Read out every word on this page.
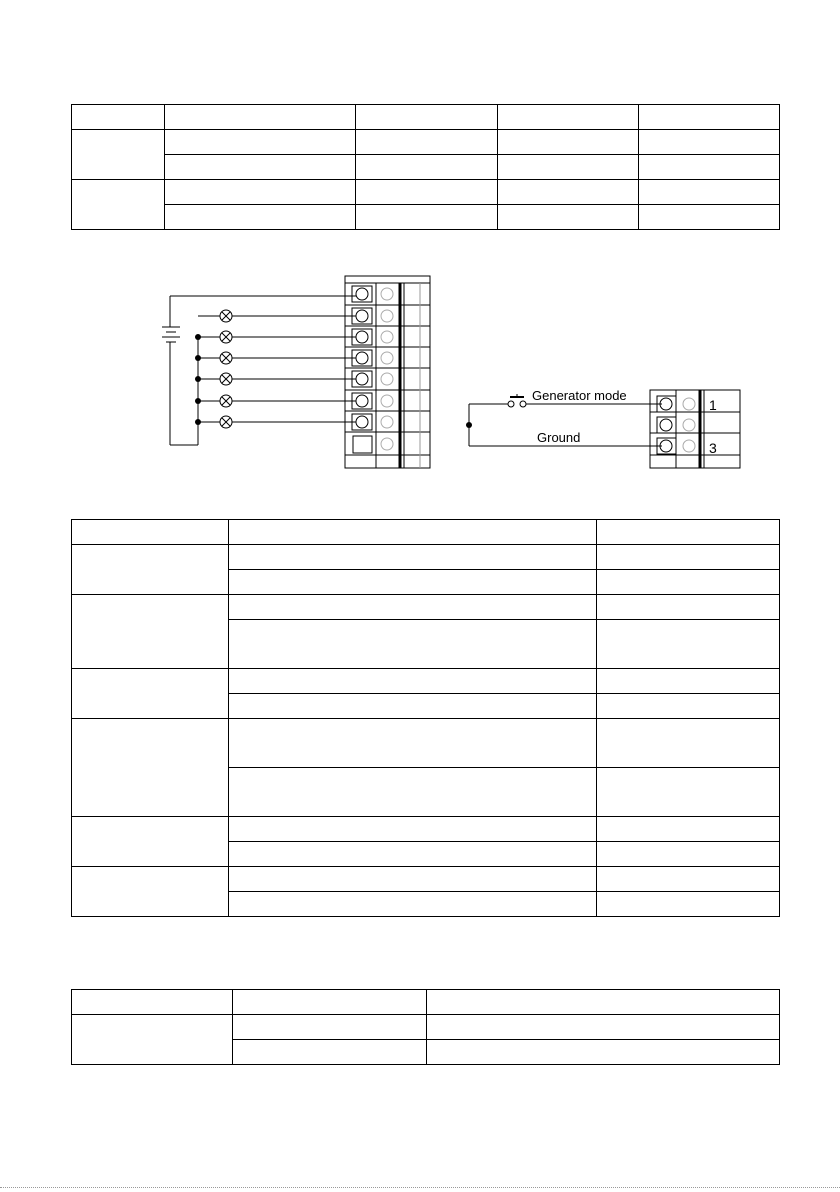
Generator mode
Ground
1
3
